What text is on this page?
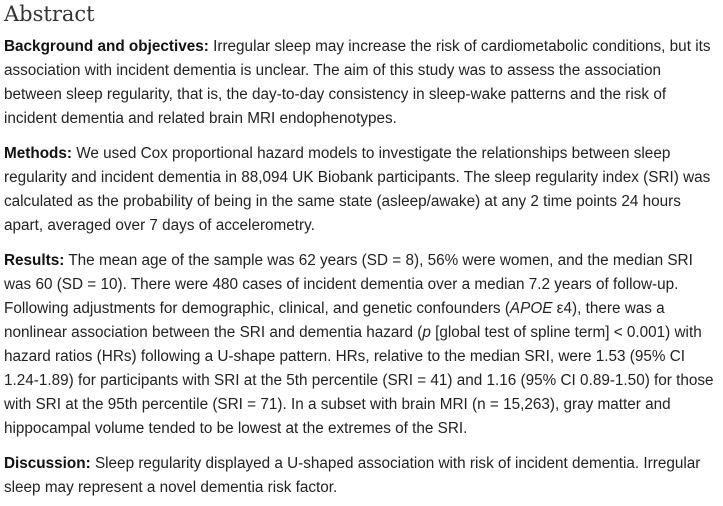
Abstract

Background and objectives: Irregular sleep may increase the risk of cardiometabolic conditions, but its association with incident dementia is unclear. The aim of this study was to assess the association between sleep regularity, that is, the day-to-day consistency in sleep-wake patterns and the risk of incident dementia and related brain MRI endophenotypes.

Methods: We used Cox proportional hazard models to investigate the relationships between sleep regularity and incident dementia in 88,094 UK Biobank participants. The sleep regularity index (SRI) was calculated as the probability of being in the same state (asleep/awake) at any 2 time points 24 hours apart, averaged over 7 days of accelerometry.

Results: The mean age of the sample was 62 years (SD = 8), 56% were women, and the median SRI was 60 (SD = 10). There were 480 cases of incident dementia over a median 7.2 years of follow-up. Following adjustments for demographic, clinical, and genetic confounders (APOE ε4), there was a nonlinear association between the SRI and dementia hazard (p [global test of spline term] < 0.001) with hazard ratios (HRs) following a U-shape pattern. HRs, relative to the median SRI, were 1.53 (95% CI 1.24-1.89) for participants with SRI at the 5th percentile (SRI = 41) and 1.16 (95% CI 0.89-1.50) for those with SRI at the 95th percentile (SRI = 71). In a subset with brain MRI (n = 15,263), gray matter and hippocampal volume tended to be lowest at the extremes of the SRI.

Discussion: Sleep regularity displayed a U-shaped association with risk of incident dementia. Irregular sleep may represent a novel dementia risk factor.
